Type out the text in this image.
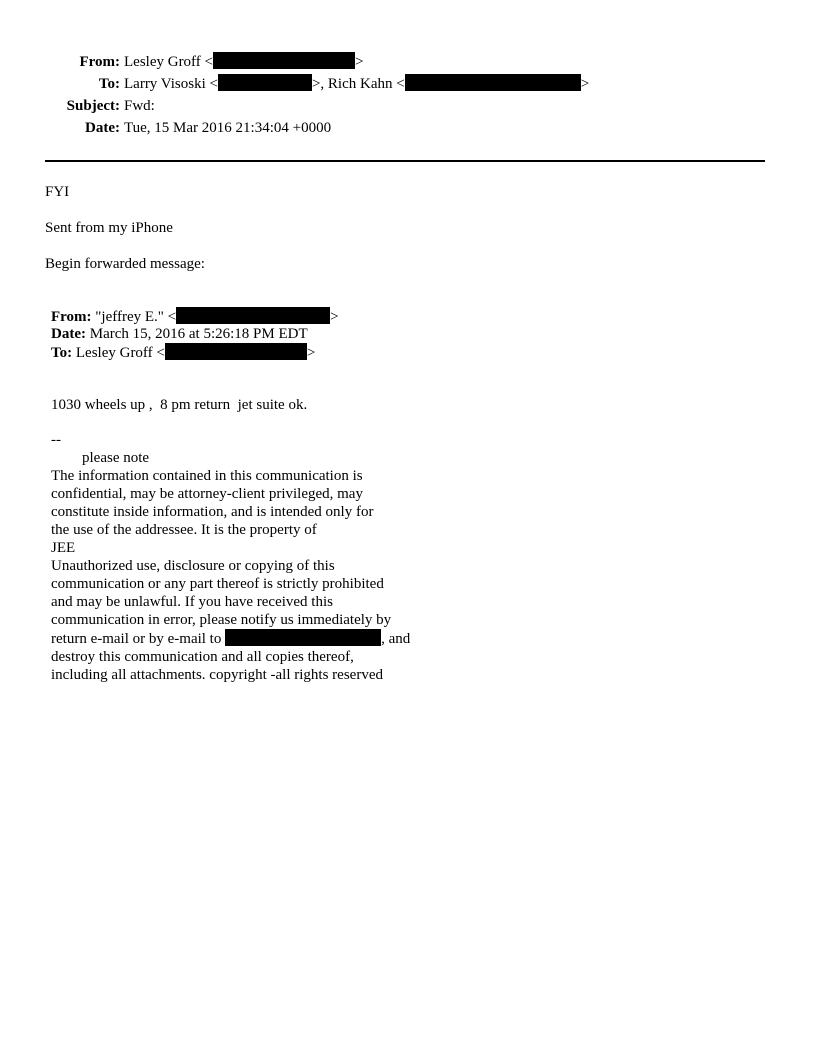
From: Lesley Groff <	>
To: Larry Visoski <	>, Rich Kahn <	>
Subject: Fwd:
Date: Tue, 15 Mar 2016 21:34:04 +0000
FYI
Sent from my iPhone
Begin forwarded message:
From: "jeffrey E." <	>
Date: March 15, 2016 at 5:26:18 PM EDT
To: Lesley Groff <	>
1030 wheels up ,  8 pm return  jet suite ok.
--
please note
The information contained in this communication is
confidential, may be attorney-client privileged, may
constitute inside information, and is intended only for
the use of the addressee. It is the property of
JEE
Unauthorized use, disclosure or copying of this
communication or any part thereof is strictly prohibited
and may be unlawful. If you have received this
communication in error, please notify us immediately by
return e-mail or by e-mail to	, and
destroy this communication and all copies thereof,
including all attachments. copyright -all rights reserved
